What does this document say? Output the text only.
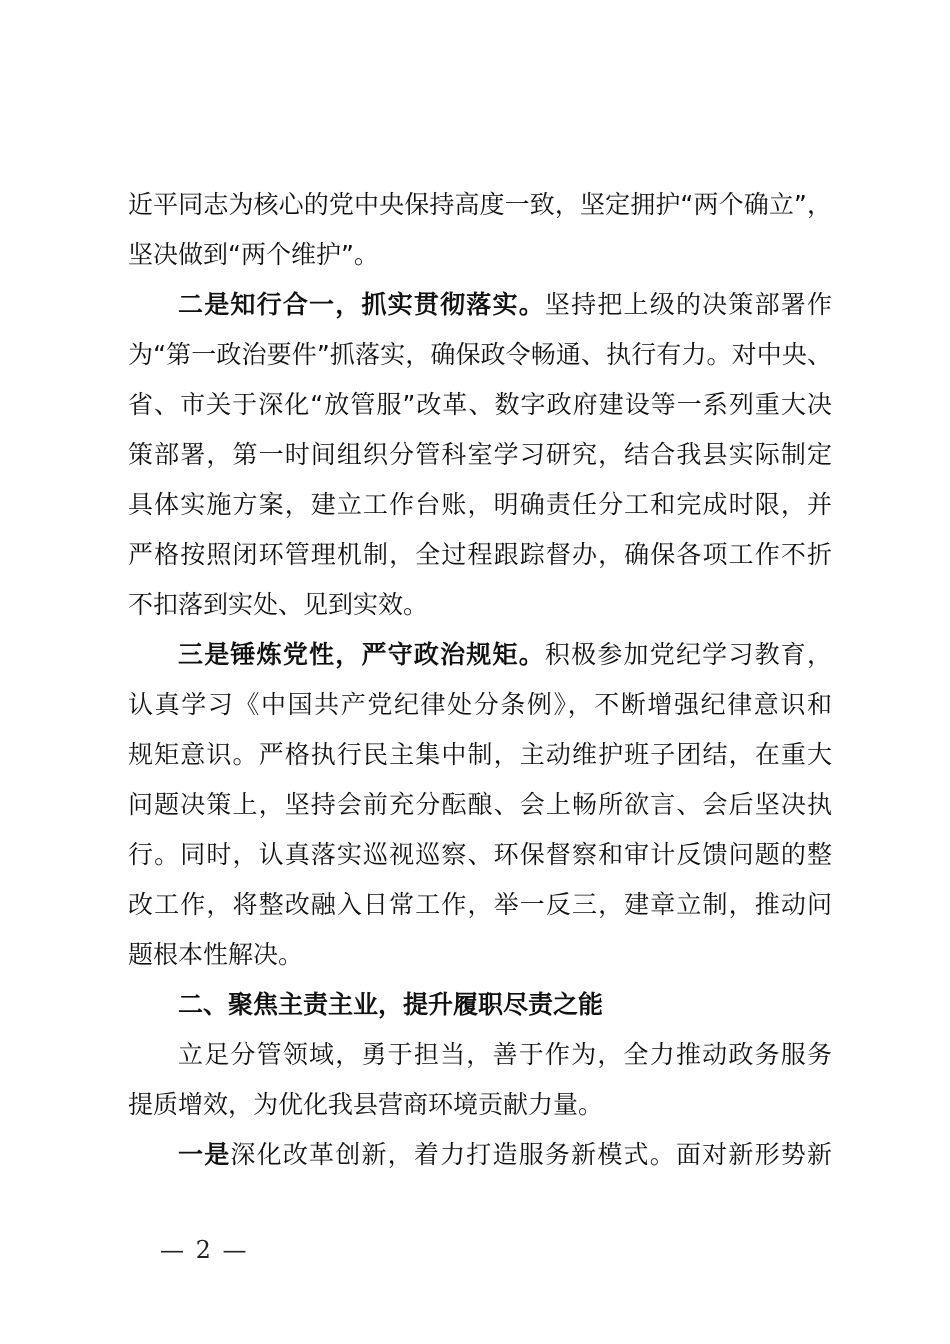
近平同志为核心的党中央保持高度一致，坚定拥护“两个确立”，
坚决做到“两个维护”。
二是知行合一，抓实贯彻落实。坚持把上级的决策部署作
为“第一政治要件”抓落实，确保政令畅通、执行有力。对中央、
省、市关于深化“放管服”改革、数字政府建设等一系列重大决
策部署，第一时间组织分管科室学习研究，结合我县实际制定
具体实施方案，建立工作台账，明确责任分工和完成时限，并
严格按照闭环管理机制，全过程跟踪督办，确保各项工作不折
不扣落到实处、见到实效。
三是锤炼党性，严守政治规矩。积极参加党纪学习教育，
认真学习《中国共产党纪律处分条例》，不断增强纪律意识和
规矩意识。严格执行民主集中制，主动维护班子团结，在重大
问题决策上，坚持会前充分酝酿、会上畅所欲言、会后坚决执
行。同时，认真落实巡视巡察、环保督察和审计反馈问题的整
改工作，将整改融入日常工作，举一反三，建章立制，推动问
题根本性解决。
二、聚焦主责主业，提升履职尽责之能
立足分管领域，勇于担当，善于作为，全力推动政务服务
提质增效，为优化我县营商环境贡献力量。
一是深化改革创新，着力打造服务新模式。面对新形势新
— 2 —
